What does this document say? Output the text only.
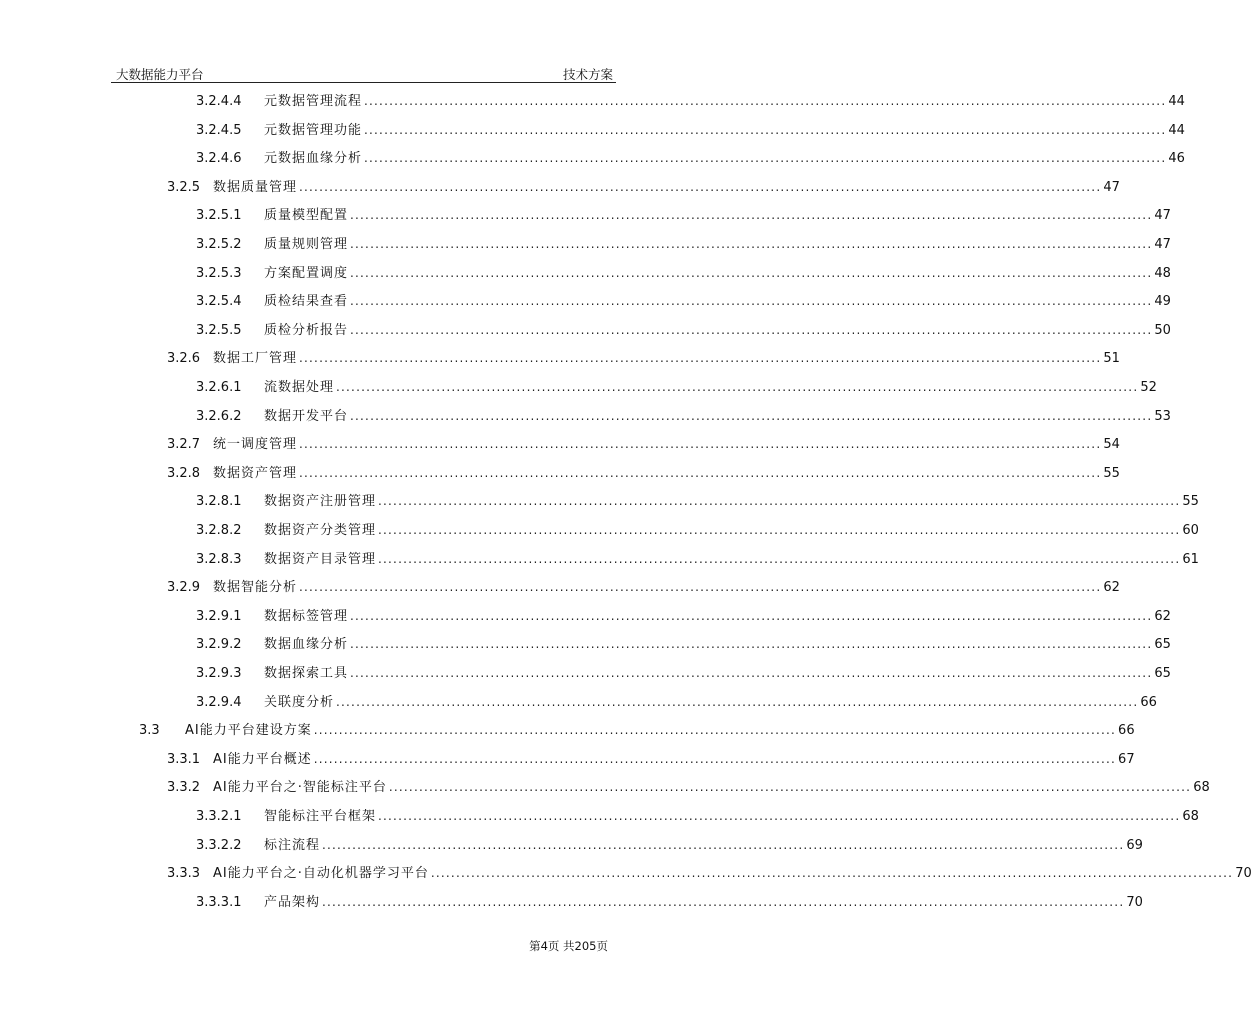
大数据能力平台	技术方案
3.2.4.4	元数据管理流程 ................................................................................................................................................................ 44
3.2.4.5	元数据管理功能 ................................................................................................................................................................ 44
3.2.4.6	元数据血缘分析 ................................................................................................................................................................ 46
3.2.5 数据质量管理 ................................................................................................................................................................ 47
3.2.5.1	质量模型配置 ................................................................................................................................................................ 47
3.2.5.2	质量规则管理 ................................................................................................................................................................ 47
3.2.5.3	方案配置调度 ................................................................................................................................................................ 48
3.2.5.4	质检结果查看 ................................................................................................................................................................ 49
3.2.5.5	质检分析报告 ................................................................................................................................................................ 50
3.2.6 数据工厂管理 ................................................................................................................................................................ 51
3.2.6.1	流数据处理 ................................................................................................................................................................ 52
3.2.6.2	数据开发平台 ................................................................................................................................................................ 53
3.2.7 统一调度管理 ................................................................................................................................................................ 54
3.2.8 数据资产管理 ................................................................................................................................................................ 55
3.2.8.1	数据资产注册管理 ................................................................................................................................................................ 55
3.2.8.2	数据资产分类管理 ................................................................................................................................................................ 60
3.2.8.3	数据资产目录管理 ................................................................................................................................................................ 61
3.2.9 数据智能分析 ................................................................................................................................................................ 62
3.2.9.1	数据标签管理 ................................................................................................................................................................ 62
3.2.9.2	数据血缘分析 ................................................................................................................................................................ 65
3.2.9.3	数据探索工具 ................................................................................................................................................................ 65
3.2.9.4	关联度分析 ................................................................................................................................................................ 66
3.3	AI能力平台建设方案 ................................................................................................................................................................ 66
3.3.1 AI能力平台概述 ................................................................................................................................................................ 67
3.3.2 AI能力平台之·智能标注平台 ................................................................................................................................................................ 68
3.3.2.1	智能标注平台框架 ................................................................................................................................................................ 68
3.3.2.2	标注流程 ................................................................................................................................................................ 69
3.3.3 AI能力平台之·自动化机器学习平台 ................................................................................................................................................................ 70
3.3.3.1	产品架构 ................................................................................................................................................................ 70
第4页 共205页
